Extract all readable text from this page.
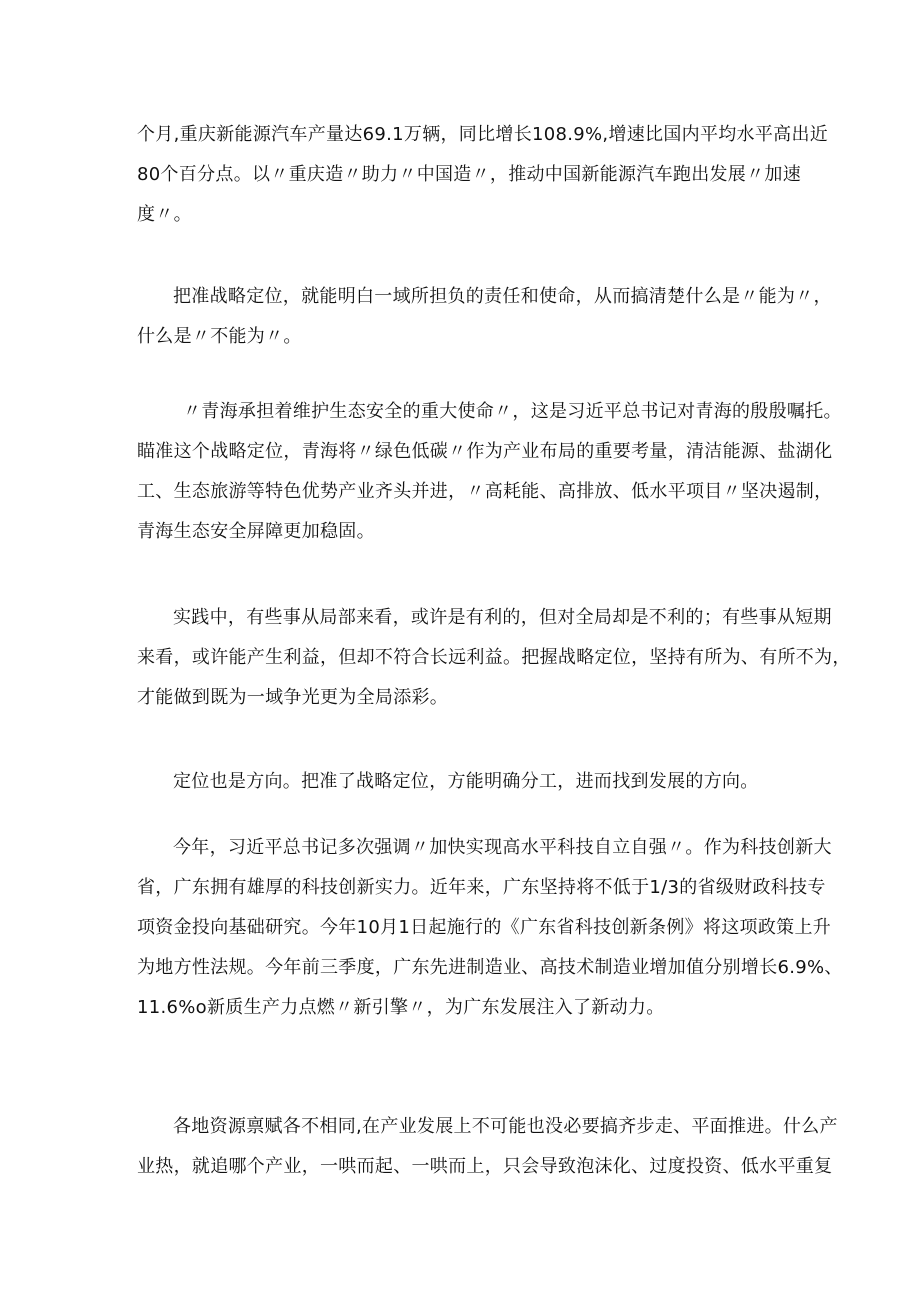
个月,重庆新能源汽车产量达69.1万辆，同比增长108.9%,增速比国内平均水平高出近
80个百分点。以〃重庆造〃助力〃中国造〃，推动中国新能源汽车跑出发展〃加速
度〃。
把准战略定位，就能明白一域所担负的责任和使命，从而搞清楚什么是〃能为〃，
什么是〃不能为〃。
〃青海承担着维护生态安全的重大使命〃，这是习近平总书记对青海的殷殷嘱托。
瞄准这个战略定位，青海将〃绿色低碳〃作为产业布局的重要考量，清洁能源、盐湖化
工、生态旅游等特色优势产业齐头并进，〃高耗能、高排放、低水平项目〃坚决遏制，
青海生态安全屏障更加稳固。
实践中，有些事从局部来看，或许是有利的，但对全局却是不利的；有些事从短期
来看，或许能产生利益，但却不符合长远利益。把握战略定位，坚持有所为、有所不为，
才能做到既为一域争光更为全局添彩。
定位也是方向。把准了战略定位，方能明确分工，进而找到发展的方向。
今年，习近平总书记多次强调〃加快实现高水平科技自立自强〃。作为科技创新大
省，广东拥有雄厚的科技创新实力。近年来，广东坚持将不低于1/3的省级财政科技专
项资金投向基础研究。今年10月1日起施行的《广东省科技创新条例》将这项政策上升
为地方性法规。今年前三季度，广东先进制造业、高技术制造业增加值分别增长6.9%、
11.6%o新质生产力点燃〃新引擎〃，为广东发展注入了新动力。
各地资源禀赋各不相同,在产业发展上不可能也没必要搞齐步走、平面推进。什么产
业热，就追哪个产业，一哄而起、一哄而上，只会导致泡沫化、过度投资、低水平重复
